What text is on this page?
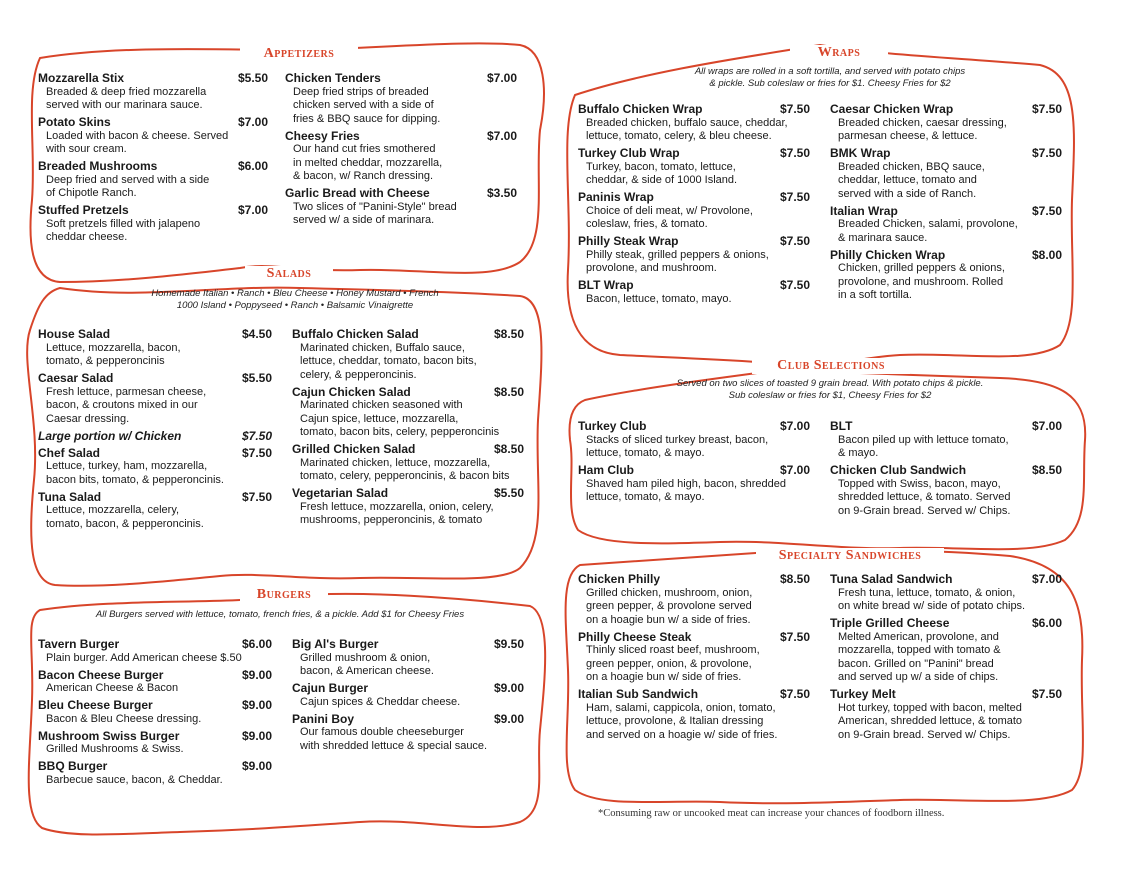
Appetizers
Salads
Burgers
Wraps
Club Selections
Specialty Sandwiches
Homemade Italian • Ranch • Bleu Cheese • Honey Mustard • French
1000 Island • Poppyseed • Ranch • Balsamic Vinaigrette
All Burgers served with lettuce, tomato, french fries, & a pickle. Add $1 for Cheesy Fries
All wraps are rolled in a soft tortilla, and served with potato chips
& pickle. Sub coleslaw or fries for $1. Cheesy Fries for $2
Served on two slices of toasted 9 grain bread. With potato chips & pickle.
Sub coleslaw or fries for $1, Cheesy Fries for $2
Mozzarella Stix	$5.50
Breaded & deep fried mozzarella
served with our marinara sauce.
Potato Skins	$7.00
Loaded with bacon & cheese. Served
with sour cream.
Breaded Mushrooms	$6.00
Deep fried and served with a side
of Chipotle Ranch.
Stuffed Pretzels	$7.00
Soft pretzels filled with jalapeno
cheddar cheese.
Chicken Tenders	$7.00
Deep fried strips of breaded
chicken served with a side of
fries & BBQ sauce for dipping.
Cheesy Fries	$7.00
Our hand cut fries smothered
in melted cheddar, mozzarella,
& bacon, w/ Ranch dressing.
Garlic Bread with Cheese	$3.50
Two slices of "Panini-Style" bread
served w/ a side of marinara.
House Salad	$4.50
Lettuce, mozzarella, bacon,
tomato, & pepperoncinis
Caesar Salad	$5.50
Fresh lettuce, parmesan cheese,
bacon, & croutons mixed in our
Caesar dressing.
Large portion w/ Chicken	$7.50
Chef Salad	$7.50
Lettuce, turkey, ham, mozzarella,
bacon bits, tomato, & pepperoncinis.
Tuna Salad	$7.50
Lettuce, mozzarella, celery,
tomato, bacon, & pepperoncinis.
Buffalo Chicken Salad	$8.50
Marinated chicken, Buffalo sauce,
lettuce, cheddar, tomato, bacon bits,
celery, & pepperoncinis.
Cajun Chicken Salad	$8.50
Marinated chicken seasoned with
Cajun spice, lettuce, mozzarella,
tomato, bacon bits, celery, pepperoncinis
Grilled Chicken Salad	$8.50
Marinated chicken, lettuce, mozzarella,
tomato, celery, pepperoncinis, & bacon bits
Vegetarian Salad	$5.50
Fresh lettuce, mozzarella, onion, celery,
mushrooms, pepperoncinis, & tomato
Tavern Burger	$6.00
Plain burger. Add American cheese $.50
Bacon Cheese Burger	$9.00
American Cheese & Bacon
Bleu Cheese Burger	$9.00
Bacon & Bleu Cheese dressing.
Mushroom Swiss Burger	$9.00
Grilled Mushrooms & Swiss.
BBQ Burger	$9.00
Barbecue sauce, bacon, & Cheddar.
Big Al's Burger	$9.50
Grilled mushroom & onion,
bacon, & American cheese.
Cajun Burger	$9.00
Cajun spices & Cheddar cheese.
Panini Boy	$9.00
Our famous double cheeseburger
with shredded lettuce & special sauce.
Buffalo Chicken Wrap	$7.50
Breaded chicken, buffalo sauce, cheddar,
lettuce, tomato, celery, & bleu cheese.
Turkey Club Wrap	$7.50
Turkey, bacon, tomato, lettuce,
cheddar, & side of 1000 Island.
Paninis Wrap	$7.50
Choice of deli meat, w/ Provolone,
coleslaw, fries, & tomato.
Philly Steak Wrap	$7.50
Philly steak, grilled peppers & onions,
provolone, and mushroom.
BLT Wrap	$7.50
Bacon, lettuce, tomato, mayo.
Caesar Chicken Wrap	$7.50
Breaded chicken, caesar dressing,
parmesan cheese, & lettuce.
BMK Wrap	$7.50
Breaded chicken, BBQ sauce,
cheddar, lettuce, tomato and
served with a side of Ranch.
Italian Wrap	$7.50
Breaded Chicken, salami, provolone,
& marinara sauce.
Philly Chicken Wrap	$8.00
Chicken, grilled peppers & onions,
provolone, and mushroom. Rolled
in a soft tortilla.
Turkey Club	$7.00
Stacks of sliced turkey breast, bacon,
lettuce, tomato, & mayo.
Ham Club	$7.00
Shaved ham piled high, bacon, shredded
lettuce, tomato, & mayo.
BLT	$7.00
Bacon piled up with lettuce tomato,
& mayo.
Chicken Club Sandwich	$8.50
Topped with Swiss, bacon, mayo,
shredded lettuce, & tomato. Served
on 9-Grain bread. Served w/ Chips.
Chicken Philly	$8.50
Grilled chicken, mushroom, onion,
green pepper, & provolone served
on a hoagie bun w/ a side of fries.
Philly Cheese Steak	$7.50
Thinly sliced roast beef, mushroom,
green pepper, onion, & provolone,
on a hoagie bun w/ side of fries.
Italian Sub Sandwich	$7.50
Ham, salami, cappicola, onion, tomato,
lettuce, provolone, & Italian dressing
and served on a hoagie w/ side of fries.
Tuna Salad Sandwich	$7.00
Fresh tuna, lettuce, tomato, & onion,
on white bread w/ side of potato chips.
Triple Grilled Cheese	$6.00
Melted American, provolone, and
mozzarella, topped with tomato &
bacon. Grilled on "Panini" bread
and served up w/ a side of chips.
Turkey Melt	$7.50
Hot turkey, topped with bacon, melted
American, shredded lettuce, & tomato
on 9-Grain bread. Served w/ Chips.
*Consuming raw or uncooked meat can increase your chances of foodborn illness.
